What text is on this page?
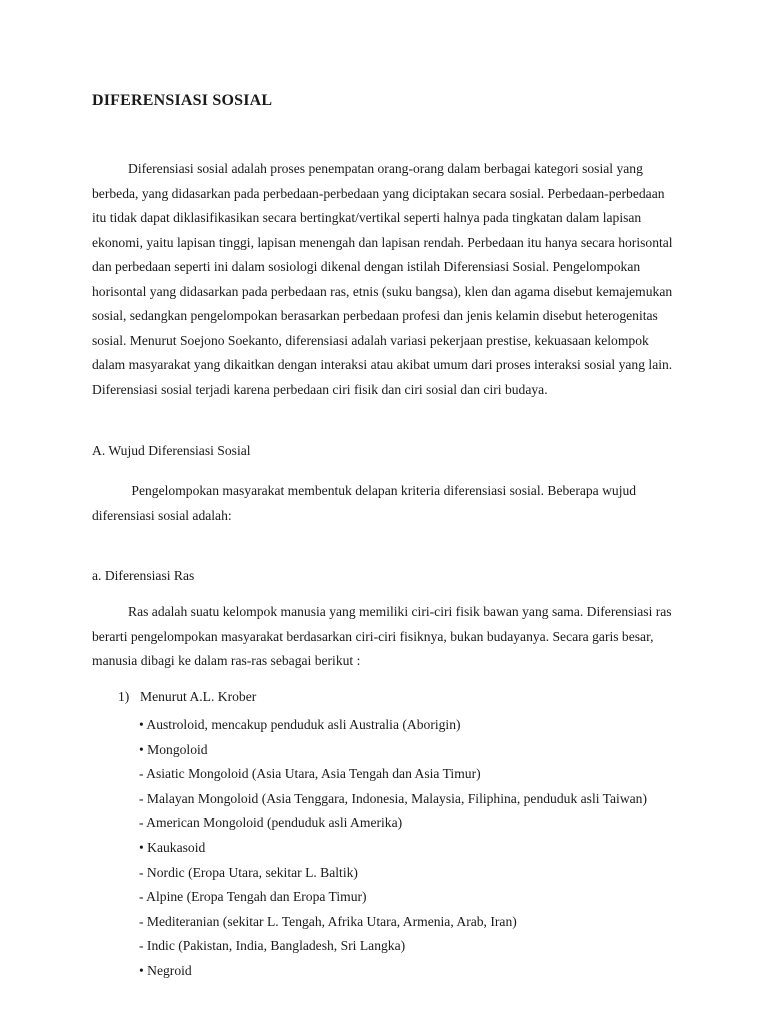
DIFERENSIASI SOSIAL

Diferensiasi sosial adalah proses penempatan orang-orang dalam berbagai kategori sosial yang berbeda, yang didasarkan pada perbedaan-perbedaan yang diciptakan secara sosial. Perbedaan-perbedaan itu tidak dapat diklasifikasikan secara bertingkat/vertikal seperti halnya pada tingkatan dalam lapisan ekonomi, yaitu lapisan tinggi, lapisan menengah dan lapisan rendah. Perbedaan itu hanya secara horisontal dan perbedaan seperti ini dalam sosiologi dikenal dengan istilah Diferensiasi Sosial. Pengelompokan horisontal yang didasarkan pada perbedaan ras, etnis (suku bangsa), klen dan agama disebut kemajemukan sosial, sedangkan pengelompokan berasarkan perbedaan profesi dan jenis kelamin disebut heterogenitas sosial. Menurut Soejono Soekanto, diferensiasi adalah variasi pekerjaan prestise, kekuasaan kelompok dalam masyarakat yang dikaitkan dengan interaksi atau akibat umum dari proses interaksi sosial yang lain. Diferensiasi sosial terjadi karena perbedaan ciri fisik dan ciri sosial dan ciri budaya.

A. Wujud Diferensiasi Sosial

Pengelompokan masyarakat membentuk delapan kriteria diferensiasi sosial. Beberapa wujud diferensiasi sosial adalah:

a. Diferensiasi Ras

Ras adalah suatu kelompok manusia yang memiliki ciri-ciri fisik bawan yang sama. Diferensiasi ras berarti pengelompokan masyarakat berdasarkan ciri-ciri fisiknya, bukan budayanya. Secara garis besar, manusia dibagi ke dalam ras-ras sebagai berikut :

1) Menurut A.L. Krober

• Austroloid, mencakup penduduk asli Australia (Aborigin)
• Mongoloid
- Asiatic Mongoloid (Asia Utara, Asia Tengah dan Asia Timur)
- Malayan Mongoloid (Asia Tenggara, Indonesia, Malaysia, Filiphina, penduduk asli Taiwan)
- American Mongoloid (penduduk asli Amerika)
• Kaukasoid
- Nordic (Eropa Utara, sekitar L. Baltik)
- Alpine (Eropa Tengah dan Eropa Timur)
- Mediteranian (sekitar L. Tengah, Afrika Utara, Armenia, Arab, Iran)
- Indic (Pakistan, India, Bangladesh, Sri Langka)
• Negroid
